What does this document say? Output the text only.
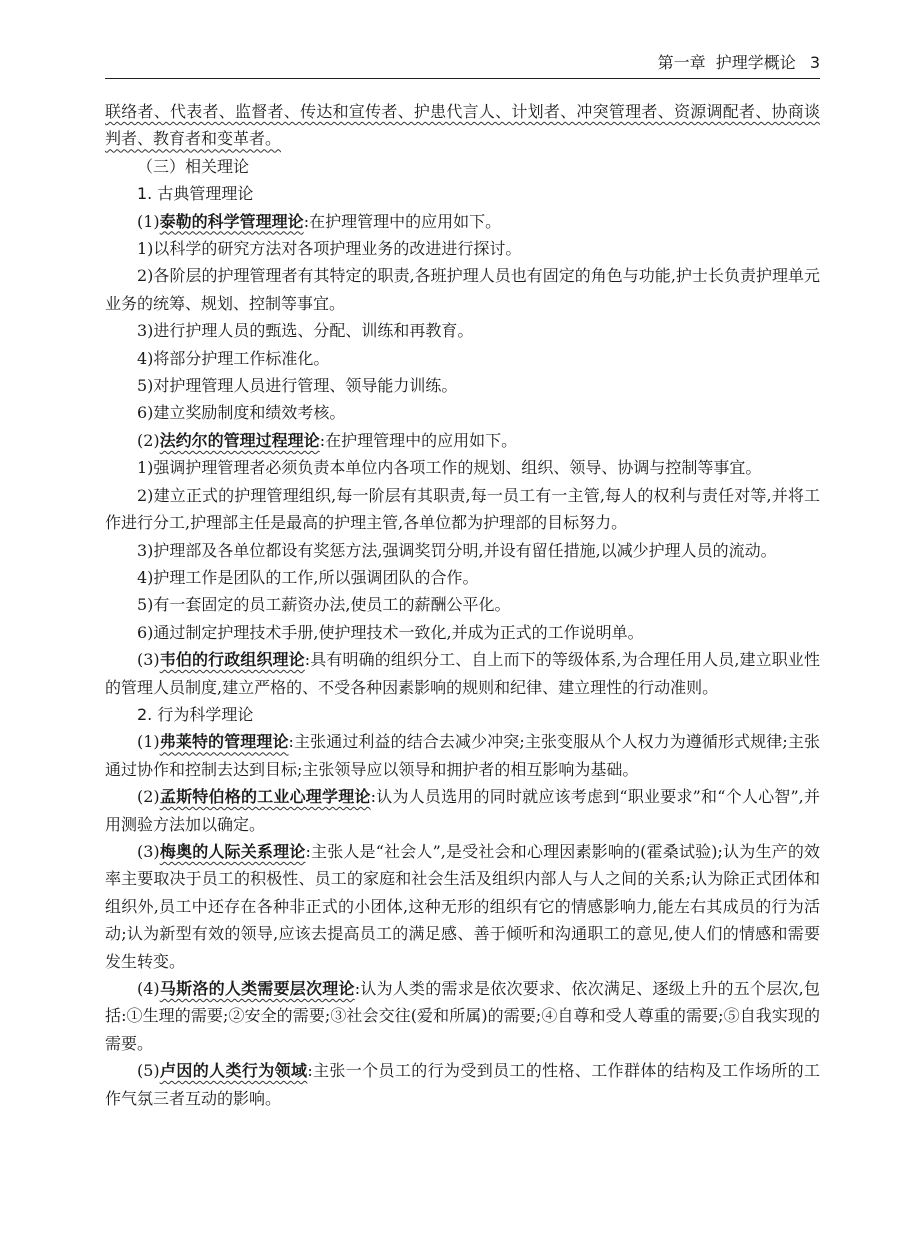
第一章 护理学概论 3

联络者、代表者、监督者、传达和宣传者、护患代言人、计划者、冲突管理者、资源调配者、协商谈判者、教育者和变革者。

（三）相关理论

1. 古典管理理论

(1)泰勒的科学管理理论:在护理管理中的应用如下。

1)以科学的研究方法对各项护理业务的改进进行探讨。

2)各阶层的护理管理者有其特定的职责,各班护理人员也有固定的角色与功能,护士长负责护理单元业务的统筹、规划、控制等事宜。

3)进行护理人员的甄选、分配、训练和再教育。

4)将部分护理工作标准化。

5)对护理管理人员进行管理、领导能力训练。

6)建立奖励制度和绩效考核。

(2)法约尔的管理过程理论:在护理管理中的应用如下。

1)强调护理管理者必须负责本单位内各项工作的规划、组织、领导、协调与控制等事宜。

2)建立正式的护理管理组织,每一阶层有其职责,每一员工有一主管,每人的权利与责任对等,并将工作进行分工,护理部主任是最高的护理主管,各单位都为护理部的目标努力。

3)护理部及各单位都设有奖惩方法,强调奖罚分明,并设有留任措施,以减少护理人员的流动。

4)护理工作是团队的工作,所以强调团队的合作。

5)有一套固定的员工薪资办法,使员工的薪酬公平化。

6)通过制定护理技术手册,使护理技术一致化,并成为正式的工作说明单。

(3)韦伯的行政组织理论:具有明确的组织分工、自上而下的等级体系,为合理任用人员,建立职业性的管理人员制度,建立严格的、不受各种因素影响的规则和纪律、建立理性的行动准则。

2. 行为科学理论

(1)弗莱特的管理理论:主张通过利益的结合去减少冲突;主张变服从个人权力为遵循形式规律;主张通过协作和控制去达到目标;主张领导应以领导和拥护者的相互影响为基础。

(2)孟斯特伯格的工业心理学理论:认为人员选用的同时就应该考虑到“职业要求”和“个人心智”,并用测验方法加以确定。

(3)梅奥的人际关系理论:主张人是“社会人”,是受社会和心理因素影响的(霍桑试验);认为生产的效率主要取决于员工的积极性、员工的家庭和社会生活及组织内部人与人之间的关系;认为除正式团体和组织外,员工中还存在各种非正式的小团体,这种无形的组织有它的情感影响力,能左右其成员的行为活动;认为新型有效的领导,应该去提高员工的满足感、善于倾听和沟通职工的意见,使人们的情感和需要发生转变。

(4)马斯洛的人类需要层次理论:认为人类的需求是依次要求、依次满足、逐级上升的五个层次,包括:①生理的需要;②安全的需要;③社会交往(爱和所属)的需要;④自尊和受人尊重的需要;⑤自我实现的需要。

(5)卢因的人类行为领域:主张一个员工的行为受到员工的性格、工作群体的结构及工作场所的工作气氛三者互动的影响。
